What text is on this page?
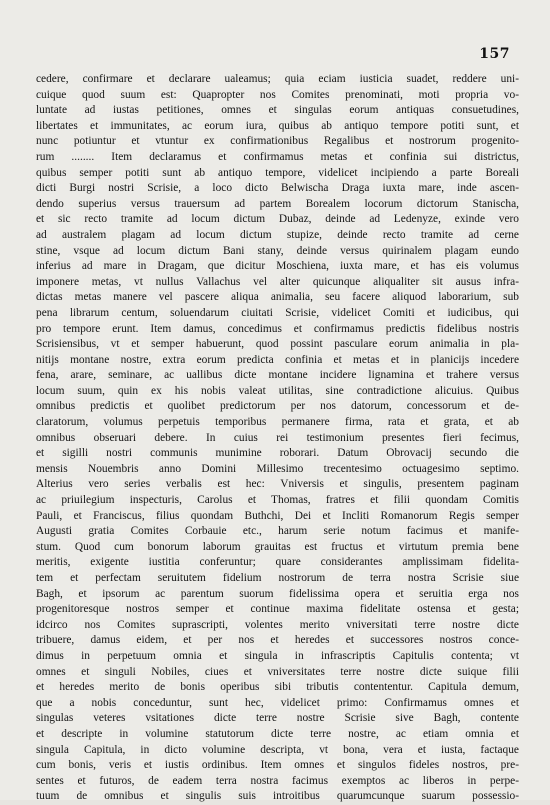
157
cedere, confirmare et declarare ualeamus; quia eciam iusticia suadet, reddere uni-
cuique quod suum est: Quapropter nos Comites prenominati, moti propria vo-
luntate ad iustas petitiones, omnes et singulas eorum antiquas consuetudines,
libertates et immunitates, ac eorum iura, quibus ab antiquo tempore potiti sunt, et
nunc potiuntur et vtuntur ex confirmationibus Regalibus et nostrorum progenito-
rum ........ Item declaramus et confirmamus metas et confinia sui districtus,
quibus semper potiti sunt ab antiquo tempore, videlicet incipiendo a parte Boreali
dicti Burgi nostri Scrisie, a loco dicto Belwischa Draga iuxta mare, inde ascen-
dendo superius versus trauersum ad partem Borealem locorum dictorum Stanischa,
et sic recto tramite ad locum dictum Dubaz, deinde ad Ledenyze, exinde vero
ad australem plagam ad locum dictum stupize, deinde recto tramite ad cerne
stine, vsque ad locum dictum Bani stany, deinde versus quirinalem plagam eundo
inferius ad mare in Dragam, que dicitur Moschiena, iuxta mare, et has eis volumus
imponere metas, vt nullus Vallachus vel alter quicunque aliqualiter sit ausus infra-
dictas metas manere vel pascere aliqua animalia, seu facere aliquod laborarium, sub
pena librarum centum, soluendarum ciuitati Scrisie, videlicet Comiti et iudicibus, qui
pro tempore erunt. Item damus, concedimus et confirmamus predictis fidelibus nostris
Scrisiensibus, vt et semper habuerunt, quod possint pasculare eorum animalia in pla-
nitijs montane nostre, extra eorum predicta confinia et metas et in planicijs incedere
fena, arare, seminare, ac uallibus dicte montane incidere lignamina et trahere versus
locum suum, quin ex his nobis valeat utilitas, sine contradictione alicuius. Quibus
omnibus predictis et quolibet predictorum per nos datorum, concessorum et de-
claratorum, volumus perpetuis temporibus permanere firma, rata et grata, et ab
omnibus obseruari debere. In cuius rei testimonium presentes fieri fecimus,
et sigilli nostri communis munimine roborari. Datum Obrovacij secundo die
mensis Nouembris anno Domini Millesimo trecentesimo octuagesimo septimo.
Alterius vero series verbalis est hec: Vniversis et singulis, presentem paginam
ac priuilegium inspecturis, Carolus et Thomas, fratres et filii quondam Comitis
Pauli, et Franciscus, filius quondam Buthchi, Dei et Incliti Romanorum Regis semper
Augusti gratia Comites Corbauie etc., harum serie notum facimus et manife-
stum. Quod cum bonorum laborum grauitas est fructus et virtutum premia bene
meritis, exigente iustitia conferuntur; quare considerantes amplissimam fidelita-
tem et perfectam seruitutem fidelium nostrorum de terra nostra Scrisie siue
Bagh, et ipsorum ac parentum suorum fidelissima opera et seruitia erga nos
progenitoresque nostros semper et continue maxima fidelitate ostensa et gesta;
idcirco nos Comites suprascripti, volentes merito vniversitati terre nostre dicte
tribuere, damus eidem, et per nos et heredes et successores nostros conce-
dimus in perpetuum omnia et singula in infrascriptis Capitulis contenta; vt
omnes et singuli Nobiles, ciues et vniversitates terre nostre dicte suique filii
et heredes merito de bonis operibus sibi tributis contententur. Capitula demum,
que a nobis conceduntur, sunt hec, videlicet primo: Confirmamus omnes et
singulas veteres vsitationes dicte terre nostre Scrisie sive Bagh, contente
et descripte in volumine statutorum dicte terre nostre, ac etiam omnia et
singula Capitula, in dicto volumine descripta, vt bona, vera et iusta, factaque
cum bonis, veris et iustis ordinibus. Item omnes et singulos fideles nostros, pre-
sentes et futuros, de eadem terra nostra facimus exemptos ac liberos in perpe-
tuum de omnibus et singulis suis introitibus quarumcunque suarum possessio-
